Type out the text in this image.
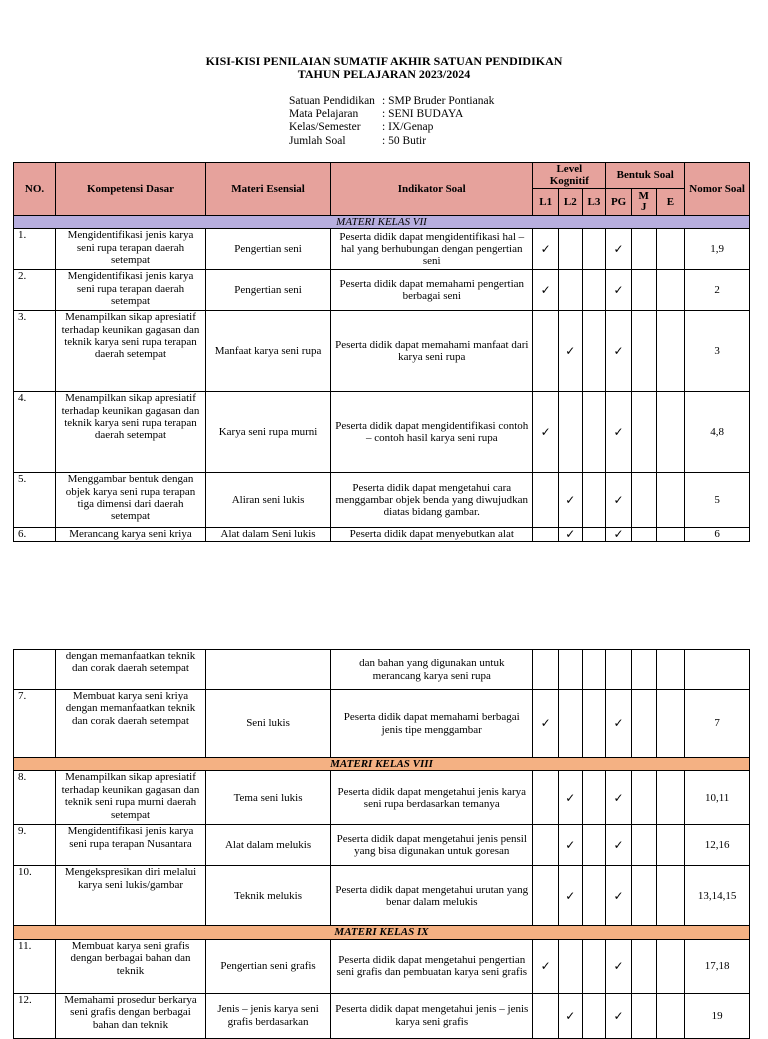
KISI-KISI PENILAIAN SUMATIF AKHIR SATUAN PENDIDIKAN
TAHUN PELAJARAN 2023/2024
Satuan Pendidikan : SMP Bruder Pontianak
Mata Pelajaran	: SENI BUDAYA
Kelas/Semester	: IX/Genap
Jumlah Soal	: 50 Butir
NO.	Kompetensi Dasar	Materi Esensial	Indikator Soal	Level Kognitif			Bentuk Soal			Nomor Soal
				L1	L2	L3	PG	M J	E	
MATERI KELAS VII										
1.	Mengidentifikasi jenis karya seni rupa terapan daerah setempat	Pengertian seni	Peserta didik dapat mengidentifikasi hal – hal yang berhubungan dengan pengertian seni	✓			✓			1,9
2.	Mengidentifikasi jenis karya seni rupa terapan daerah setempat	Pengertian seni	Peserta didik dapat memahami pengertian berbagai seni	✓			✓			2
3.	Menampilkan sikap apresiatif terhadap keunikan gagasan dan teknik karya seni rupa terapan daerah setempat	Manfaat karya seni rupa	Peserta didik dapat memahami manfaat dari karya seni rupa		✓		✓			3
4.	Menampilkan sikap apresiatif terhadap keunikan gagasan dan teknik karya seni rupa terapan daerah setempat	Karya seni rupa murni	Peserta didik dapat mengidentifikasi contoh – contoh hasil karya seni rupa	✓			✓			4,8
5.	Menggambar bentuk dengan objek karya seni rupa terapan tiga dimensi dari daerah setempat	Aliran seni lukis	Peserta didik dapat mengetahui cara menggambar objek benda yang diwujudkan diatas bidang gambar.		✓		✓			5
6.	Merancang karya seni kriya	Alat dalam Seni lukis	Peserta didik dapat menyebutkan alat		✓		✓			6
	dengan memanfaatkan teknik dan corak daerah setempat		dan bahan yang digunakan untuk merancang karya seni rupa							
7.	Membuat karya seni kriya dengan memanfaatkan teknik dan corak daerah setempat	Seni lukis	Peserta didik dapat memahami berbagai jenis tipe menggambar	✓			✓			7
MATERI KELAS VIII										
8.	Menampilkan sikap apresiatif terhadap keunikan gagasan dan teknik seni rupa murni daerah setempat	Tema seni lukis	Peserta didik dapat mengetahui jenis karya seni rupa berdasarkan temanya		✓		✓			10,11
9.	Mengidentifikasi jenis karya seni rupa terapan Nusantara	Alat dalam melukis	Peserta didik dapat mengetahui jenis pensil yang bisa digunakan untuk goresan		✓		✓			12,16
10.	Mengekspresikan diri melalui karya seni lukis/gambar	Teknik melukis	Peserta didik dapat mengetahui urutan yang benar dalam melukis		✓		✓			13,14,15
MATERI KELAS IX										
11.	Membuat karya seni grafis dengan berbagai bahan dan teknik	Pengertian seni grafis	Peserta didik dapat mengetahui pengertian seni grafis dan pembuatan karya seni grafis	✓			✓			17,18
12.	Memahami prosedur berkarya seni grafis dengan berbagai bahan dan teknik	Jenis – jenis karya seni grafis berdasarkan	Peserta didik dapat mengetahui jenis – jenis karya seni grafis		✓		✓			19
